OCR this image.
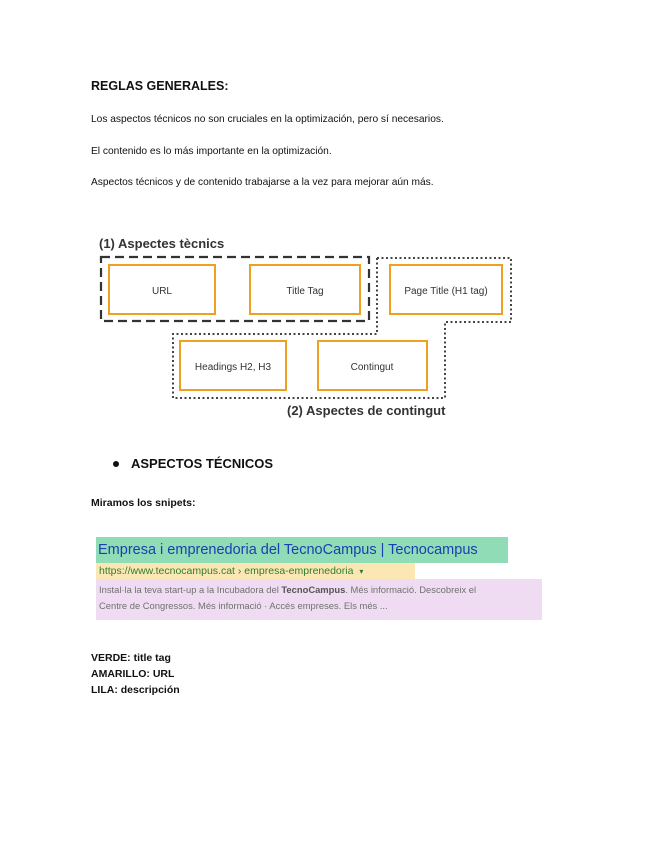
REGLAS GENERALES:
Los aspectos técnicos no son cruciales en la optimización, pero sí necesarios.
El contenido es lo más importante en la optimización.
Aspectos técnicos y de contenido trabajarse a la vez para mejorar aún más.
(1) Aspectes tècnics
URL	Title Tag	Page Title (H1 tag)
Headings H2, H3	Contingut
(2) Aspectes de contingut
ASPECTOS TÉCNICOS
Miramos los snipets:
Empresa i emprenedoria del TecnoCampus | Tecnocampus
https://www.tecnocampus.cat › empresa-emprenedoria ▾
Instal·la la teva start-up a la Incubadora del TecnoCampus. Més informació. Descobreix el
Centre de Congressos. Més informació · Accés empreses. Els més ...
VERDE: title tag
AMARILLO: URL
LILA: descripción
